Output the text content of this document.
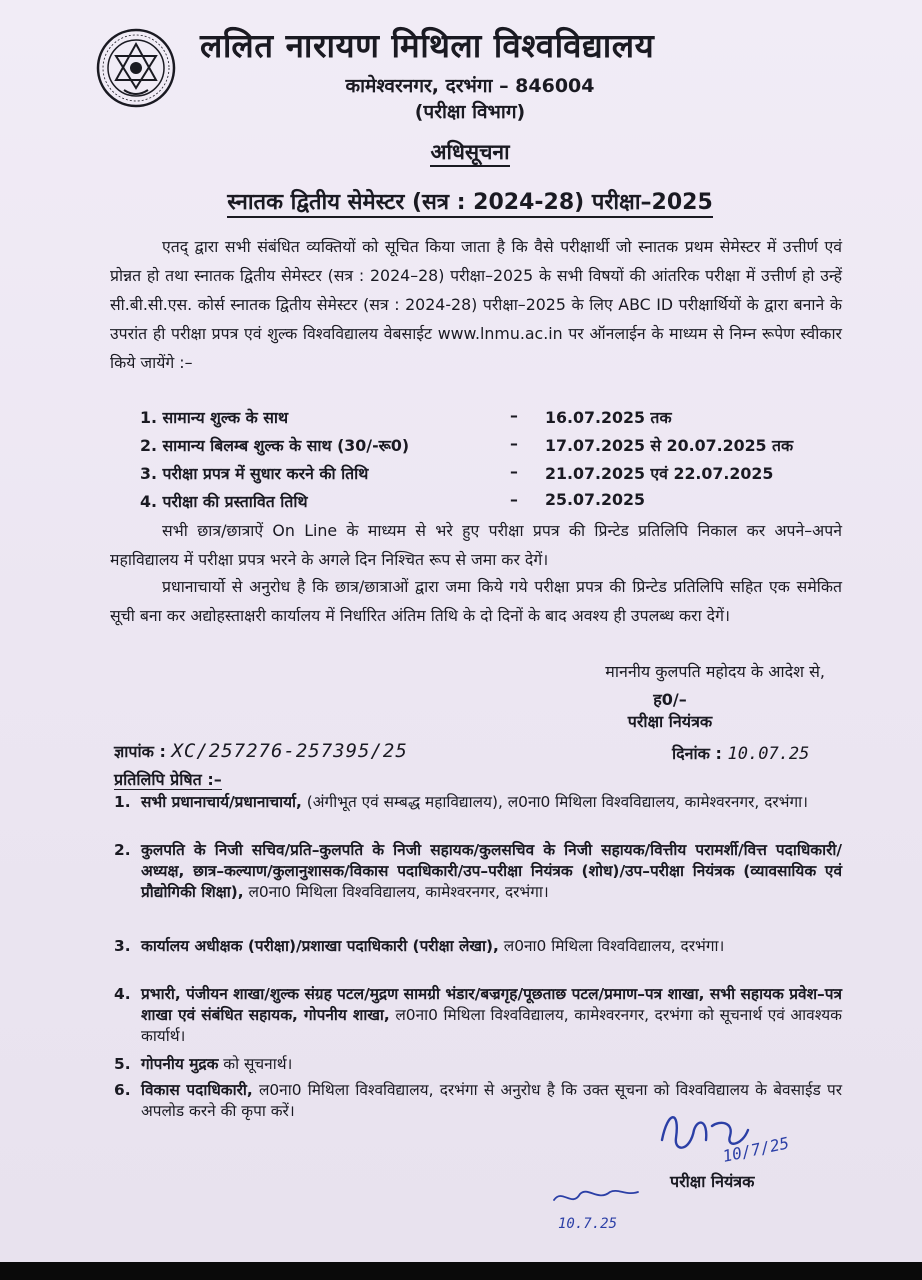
ललित नारायण मिथिला विश्वविद्यालय

कामेश्वरनगर, दरभंगा – 846004

(परीक्षा विभाग)

अधिसूचना

स्नातक द्वितीय सेमेस्टर (सत्र : 2024-28) परीक्षा–2025

एतद् द्वारा सभी संबंधित व्यक्तियों को सूचित किया जाता है कि वैसे परीक्षार्थी जो स्नातक प्रथम सेमेस्टर में उत्तीर्ण एवं प्रोन्नत हो तथा स्नातक द्वितीय सेमेस्टर (सत्र : 2024–28) परीक्षा–2025 के सभी विषयों की आंतरिक परीक्षा में उत्तीर्ण हो उन्हें सी.बी.सी.एस. कोर्स स्नातक द्वितीय सेमेस्टर (सत्र : 2024-28) परीक्षा–2025 के लिए ABC ID परीक्षार्थियों के द्वारा बनाने के उपरांत ही परीक्षा प्रपत्र एवं शुल्क विश्वविद्यालय वेबसाईट www.lnmu.ac.in पर ऑनलाईन के माध्यम से निम्न रूपेण स्वीकार किये जायेंगे :–

1. सामान्य शुल्क के साथ	– 16.07.2025 तक
2. सामान्य बिलम्ब शुल्क के साथ (30/-रू0)	– 17.07.2025 से 20.07.2025 तक
3. परीक्षा प्रपत्र में सुधार करने की तिथि	– 21.07.2025 एवं 22.07.2025
4. परीक्षा की प्रस्तावित तिथि	– 25.07.2025

सभी छात्र/छात्राऐं On Line के माध्यम से भरे हुए परीक्षा प्रपत्र की प्रिन्टेड प्रतिलिपि निकाल कर अपने–अपने महाविद्यालय में परीक्षा प्रपत्र भरने के अगले दिन निश्चित रूप से जमा कर देगें।

प्रधानाचार्यो से अनुरोध है कि छात्र/छात्राओं द्वारा जमा किये गये परीक्षा प्रपत्र की प्रिन्टेड प्रतिलिपि सहित एक समेकित सूची बना कर अद्योहस्ताक्षरी कार्यालय में निर्धारित अंतिम तिथि के दो दिनों के बाद अवश्य ही उपलब्ध करा देगें।

माननीय कुलपति महोदय के आदेश से,

ह0/–

परीक्षा नियंत्रक

ज्ञापांक : XC/257276-257395/25	दिनांक : 10.07.25

प्रतिलिपि प्रेषित :–

1. सभी प्रधानाचार्य/प्रधानाचार्या, (अंगीभूत एवं सम्बद्ध महाविद्यालय), ल0ना0 मिथिला विश्वविद्यालय, कामेश्वरनगर, दरभंगा।
2. कुलपति के निजी सचिव/प्रति–कुलपति के निजी सहायक/कुलसचिव के निजी सहायक/वित्तीय परामर्शी/वित्त पदाधिकारी/अध्यक्ष, छात्र–कल्याण/कुलानुशासक/विकास पदाधिकारी/उप–परीक्षा नियंत्रक (शोध)/उप–परीक्षा नियंत्रक (व्यावसायिक एवं प्रौद्योगिकी शिक्षा), ल0ना0 मिथिला विश्वविद्यालय, कामेश्वरनगर, दरभंगा।
3. कार्यालय अधीक्षक (परीक्षा)/प्रशाखा पदाधिकारी (परीक्षा लेखा), ल0ना0 मिथिला विश्वविद्यालय, दरभंगा।
4. प्रभारी, पंजीयन शाखा/शुल्क संग्रह पटल/मुद्रण सामग्री भंडार/बज्रगृह/पूछताछ पटल/प्रमाण–पत्र शाखा, सभी सहायक प्रवेश–पत्र शाखा एवं संबंधित सहायक, गोपनीय शाखा, ल0ना0 मिथिला विश्वविद्यालय, कामेश्वरनगर, दरभंगा को सूचनार्थ एवं आवश्यक कार्यार्थ।
5. गोपनीय मुद्रक को सूचनार्थ।
6. विकास पदाधिकारी, ल0ना0 मिथिला विश्वविद्यालय, दरभंगा से अनुरोध है कि उक्त सूचना को विश्वविद्यालय के बेवसाईड पर अपलोड करने की कृपा करें।
10/7/25
10.7.25

परीक्षा नियंत्रक
